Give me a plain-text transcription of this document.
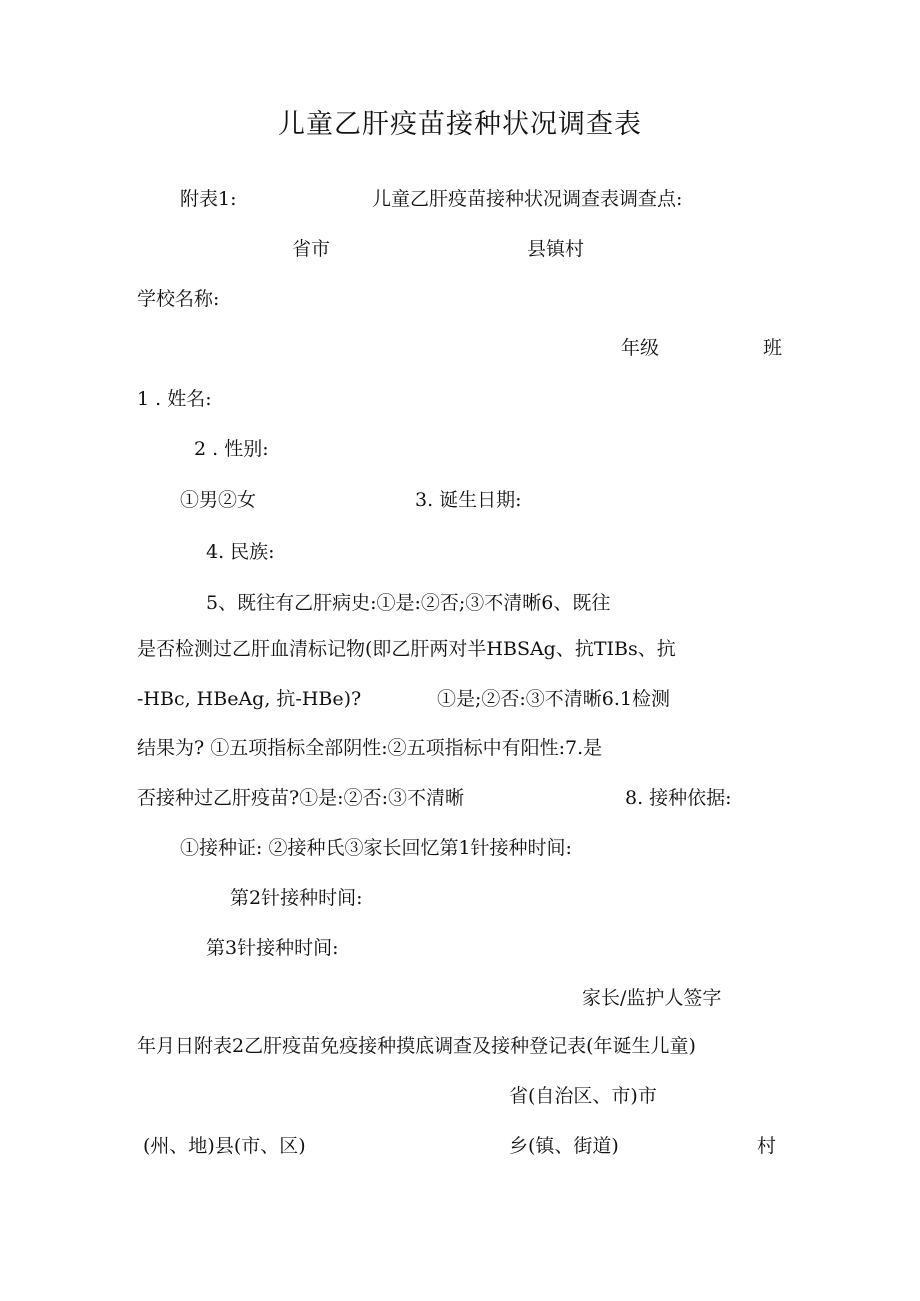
儿童乙肝疫苗接种状况调查表
附表1:	儿童乙肝疫苗接种状况调查表调查点:
省市	县镇村
学校名称:
年级	班
1 . 姓名:
2 . 性别:
①男②女	3. 诞生日期:
4. 民族:
5、既往有乙肝病史:①是:②否;③不清晰6、既往
是否检测过乙肝血清标记物(即乙肝两对半HBSAg、抗TIBs、抗
-HBc, HBeAg, 抗-HBe)?	①是;②否:③不清晰6.1检测
结果为? ①五项指标全部阴性:②五项指标中有阳性:7.是
否接种过乙肝疫苗?①是:②否:③不清晰	8. 接种依据:
①接种证: ②接种氏③家长回忆第1针接种时间:
第2针接种时间:
第3针接种时间:
家长/监护人签字
年月日附表2乙肝疫苗免疫接种摸底调查及接种登记表(年诞生儿童)
省(自治区、市)市
(州、地)县(市、区)	乡(镇、街道)	村
